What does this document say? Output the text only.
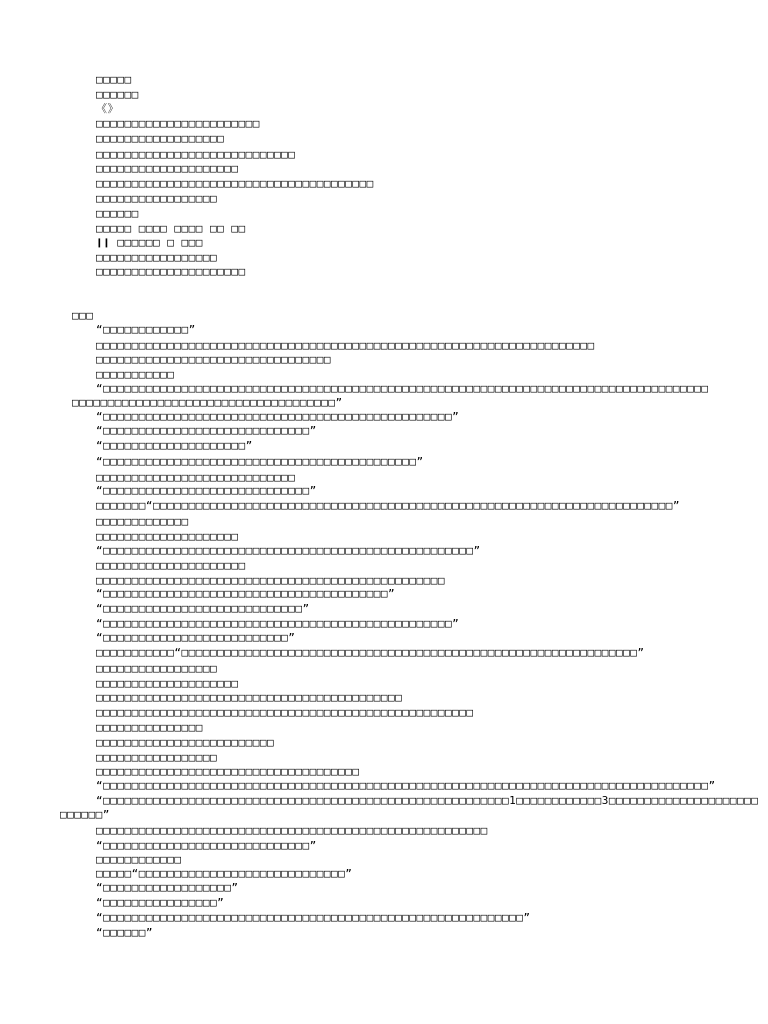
□□□□□
□□□□□□
《》
□□□□□□□□□□□□□□□□□□□□□□□
□□□□□□□□□□□□□□□□□□
□□□□□□□□□□□□□□□□□□□□□□□□□□□□
□□□□□□□□□□□□□□□□□□□□
□□□□□□□□□□□□□□□□□□□□□□□□□□□□□□□□□□□□□□□
□□□□□□□□□□□□□□□□□
□□□□□□
□□□□□ □□□□ □□□□ □□ □□
❙❙ □□□□□□ □ □□□
□□□□□□□□□□□□□□□□□
□□□□□□□□□□□□□□□□□□□□□
□□□
“□□□□□□□□□□□□”
□□□□□□□□□□□□□□□□□□□□□□□□□□□□□□□□□□□□□□□□□□□□□□□□□□□□□□□□□□□□□□□□□□□□□□
□□□□□□□□□□□□□□□□□□□□□□□□□□□□□□□□□
□□□□□□□□□□□
“□□□□□□□□□□□□□□□□□□□□□□□□□□□□□□□□□□□□□□□□□□□□□□□□□□□□□□□□□□□□□□□□□□□□□□□□□□□□□□□□□□□□□
□□□□□□□□□□□□□□□□□□□□□□□□□□□□□□□□□□□□□”
“□□□□□□□□□□□□□□□□□□□□□□□□□□□□□□□□□□□□□□□□□□□□□□□□□”
“□□□□□□□□□□□□□□□□□□□□□□□□□□□□□”
“□□□□□□□□□□□□□□□□□□□□”
“□□□□□□□□□□□□□□□□□□□□□□□□□□□□□□□□□□□□□□□□□□□□”
□□□□□□□□□□□□□□□□□□□□□□□□□□□□
“□□□□□□□□□□□□□□□□□□□□□□□□□□□□□”
□□□□□□□“□□□□□□□□□□□□□□□□□□□□□□□□□□□□□□□□□□□□□□□□□□□□□□□□□□□□□□□□□□□□□□□□□□□□□□□□□”
□□□□□□□□□□□□□
□□□□□□□□□□□□□□□□□□□□
“□□□□□□□□□□□□□□□□□□□□□□□□□□□□□□□□□□□□□□□□□□□□□□□□□□□□”
□□□□□□□□□□□□□□□□□□□□□
□□□□□□□□□□□□□□□□□□□□□□□□□□□□□□□□□□□□□□□□□□□□□□□□□
“□□□□□□□□□□□□□□□□□□□□□□□□□□□□□□□□□□□□□□□□”
“□□□□□□□□□□□□□□□□□□□□□□□□□□□□”
“□□□□□□□□□□□□□□□□□□□□□□□□□□□□□□□□□□□□□□□□□□□□□□□□□”
“□□□□□□□□□□□□□□□□□□□□□□□□□□”
□□□□□□□□□□□“□□□□□□□□□□□□□□□□□□□□□□□□□□□□□□□□□□□□□□□□□□□□□□□□□□□□□□□□□□□□□□□□”
□□□□□□□□□□□□□□□□□
□□□□□□□□□□□□□□□□□□□□
□□□□□□□□□□□□□□□□□□□□□□□□□□□□□□□□□□□□□□□□□□□
□□□□□□□□□□□□□□□□□□□□□□□□□□□□□□□□□□□□□□□□□□□□□□□□□□□□□
□□□□□□□□□□□□□□□
□□□□□□□□□□□□□□□□□□□□□□□□□
□□□□□□□□□□□□□□□□□
□□□□□□□□□□□□□□□□□□□□□□□□□□□□□□□□□□□□□
“□□□□□□□□□□□□□□□□□□□□□□□□□□□□□□□□□□□□□□□□□□□□□□□□□□□□□□□□□□□□□□□□□□□□□□□□□□□□□□□□□□□□□”
“□□□□□□□□□□□□□□□□□□□□□□□□□□□□□□□□□□□□□□□□□□□□□□□□□□□□□□□□□1□□□□□□□□□□□□3□□□□□□□□□□□□□□□□□□□□□
□□□□□□”
□□□□□□□□□□□□□□□□□□□□□□□□□□□□□□□□□□□□□□□□□□□□□□□□□□□□□□□
“□□□□□□□□□□□□□□□□□□□□□□□□□□□□□”
□□□□□□□□□□□□
□□□□□“□□□□□□□□□□□□□□□□□□□□□□□□□□□□□”
“□□□□□□□□□□□□□□□□□□”
“□□□□□□□□□□□□□□□□”
“□□□□□□□□□□□□□□□□□□□□□□□□□□□□□□□□□□□□□□□□□□□□□□□□□□□□□□□□□□□”
“□□□□□□”
